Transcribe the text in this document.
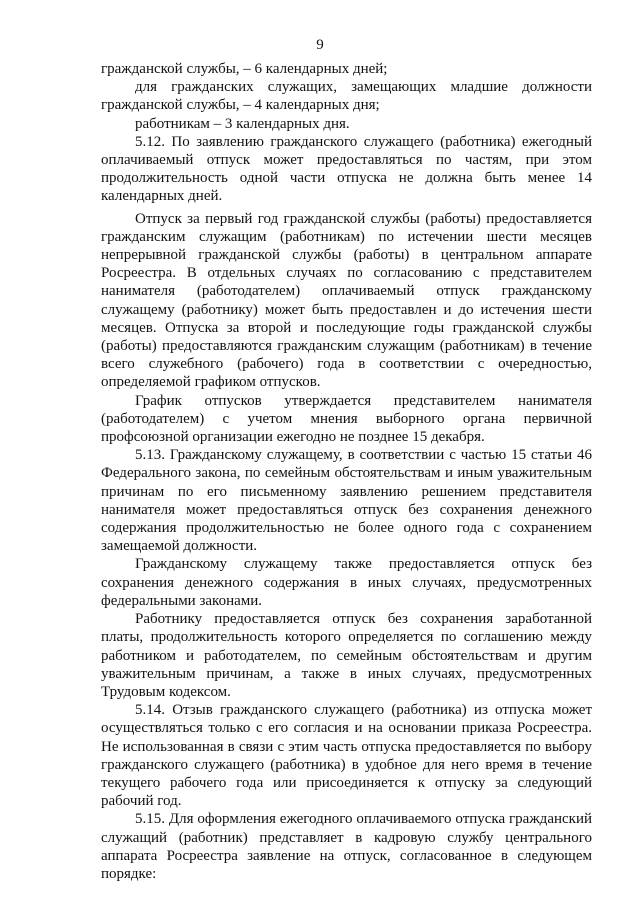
9

гражданской службы, – 6 календарных дней;

для гражданских служащих, замещающих младшие должности гражданской службы, – 4 календарных дня;

работникам – 3 календарных дня.

5.12. По заявлению гражданского служащего (работника) ежегодный оплачиваемый отпуск может предоставляться по частям, при этом продолжительность одной части отпуска не должна быть менее 14 календарных дней.

Отпуск за первый год гражданской службы (работы) предоставляется гражданским служащим (работникам) по истечении шести месяцев непрерывной гражданской службы (работы) в центральном аппарате Росреестра. В отдельных случаях по согласованию с представителем нанимателя (работодателем) оплачиваемый отпуск гражданскому служащему (работнику) может быть предоставлен и до истечения шести месяцев. Отпуска за второй и последующие годы гражданской службы (работы) предоставляются гражданским служащим (работникам) в течение всего служебного (рабочего) года в соответствии с очередностью, определяемой графиком отпусков.

График отпусков утверждается представителем нанимателя (работодателем) с учетом мнения выборного органа первичной профсоюзной организации ежегодно не позднее 15 декабря.

5.13. Гражданскому служащему, в соответствии с частью 15 статьи 46 Федерального закона, по семейным обстоятельствам и иным уважительным причинам по его письменному заявлению решением представителя нанимателя может предоставляться отпуск без сохранения денежного содержания продолжительностью не более одного года с сохранением замещаемой должности.

Гражданскому служащему также предоставляется отпуск без сохранения денежного содержания в иных случаях, предусмотренных федеральными законами.

Работнику предоставляется отпуск без сохранения заработанной платы, продолжительность которого определяется по соглашению между работником и работодателем, по семейным обстоятельствам и другим уважительным причинам, а также в иных случаях, предусмотренных Трудовым кодексом.

5.14. Отзыв гражданского служащего (работника) из отпуска может осуществляться только с его согласия и на основании приказа Росреестра. Не использованная в связи с этим часть отпуска предоставляется по выбору гражданского служащего (работника) в удобное для него время в течение текущего рабочего года или присоединяется к отпуску за следующий рабочий год.

5.15. Для оформления ежегодного оплачиваемого отпуска гражданский служащий (работник) представляет в кадровую службу центрального аппарата Росреестра заявление на отпуск, согласованное в следующем порядке:
